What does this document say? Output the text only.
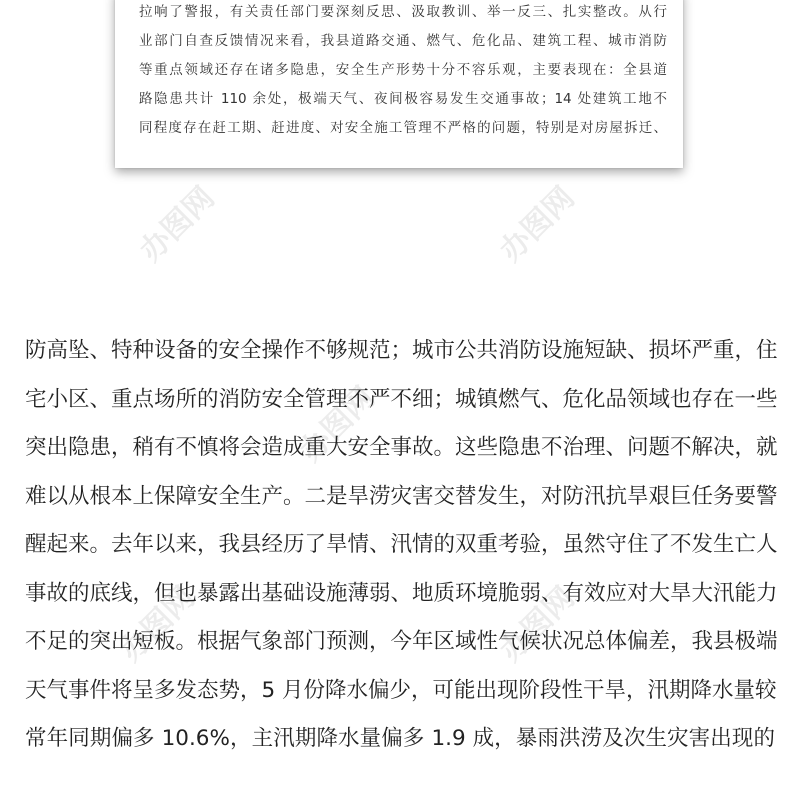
办图网	办图网
办图网
办图网	办图网
拉响了警报，有关责任部门要深刻反思、汲取教训、举一反三、扎实整改。从行
业部门自查反馈情况来看，我县道路交通、燃气、危化品、建筑工程、城市消防
等重点领域还存在诸多隐患，安全生产形势十分不容乐观，主要表现在：全县道
路隐患共计 110 余处，极端天气、夜间极容易发生交通事故；14 处建筑工地不
同程度存在赶工期、赶进度、对安全施工管理不严格的问题，特别是对房屋拆迁、
防高坠、特种设备的安全操作不够规范；城市公共消防设施短缺、损坏严重，住
宅小区、重点场所的消防安全管理不严不细；城镇燃气、危化品领域也存在一些
突出隐患，稍有不慎将会造成重大安全事故。这些隐患不治理、问题不解决，就
难以从根本上保障安全生产。二是旱涝灾害交替发生，对防汛抗旱艰巨任务要警
醒起来。去年以来，我县经历了旱情、汛情的双重考验，虽然守住了不发生亡人
事故的底线，但也暴露出基础设施薄弱、地质环境脆弱、有效应对大旱大汛能力
不足的突出短板。根据气象部门预测，今年区域性气候状况总体偏差，我县极端
天气事件将呈多发态势，5 月份降水偏少，可能出现阶段性干旱，汛期降水量较
常年同期偏多 10.6%，主汛期降水量偏多 1.9 成，暴雨洪涝及次生灾害出现的
